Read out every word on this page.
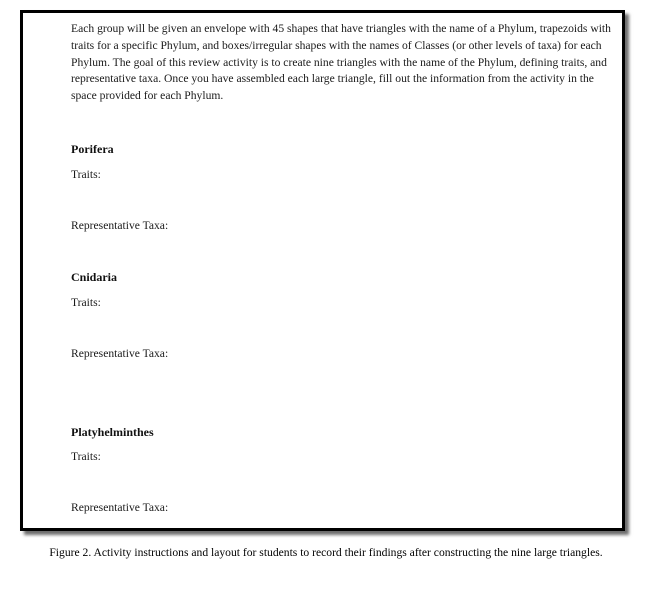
Each group will be given an envelope with 45 shapes that have triangles with the name of a Phylum, trapezoids with traits for a specific Phylum, and boxes/irregular shapes with the names of Classes (or other levels of taxa) for each Phylum. The goal of this review activity is to create nine triangles with the name of the Phylum, defining traits, and representative taxa. Once you have assembled each large triangle, fill out the information from the activity in the space provided for each Phylum.

Porifera

Traits:

Representative Taxa:

Cnidaria

Traits:

Representative Taxa:

Platyhelminthes

Traits:

Representative Taxa:

Figure 2. Activity instructions and layout for students to record their findings after constructing the nine large triangles.
